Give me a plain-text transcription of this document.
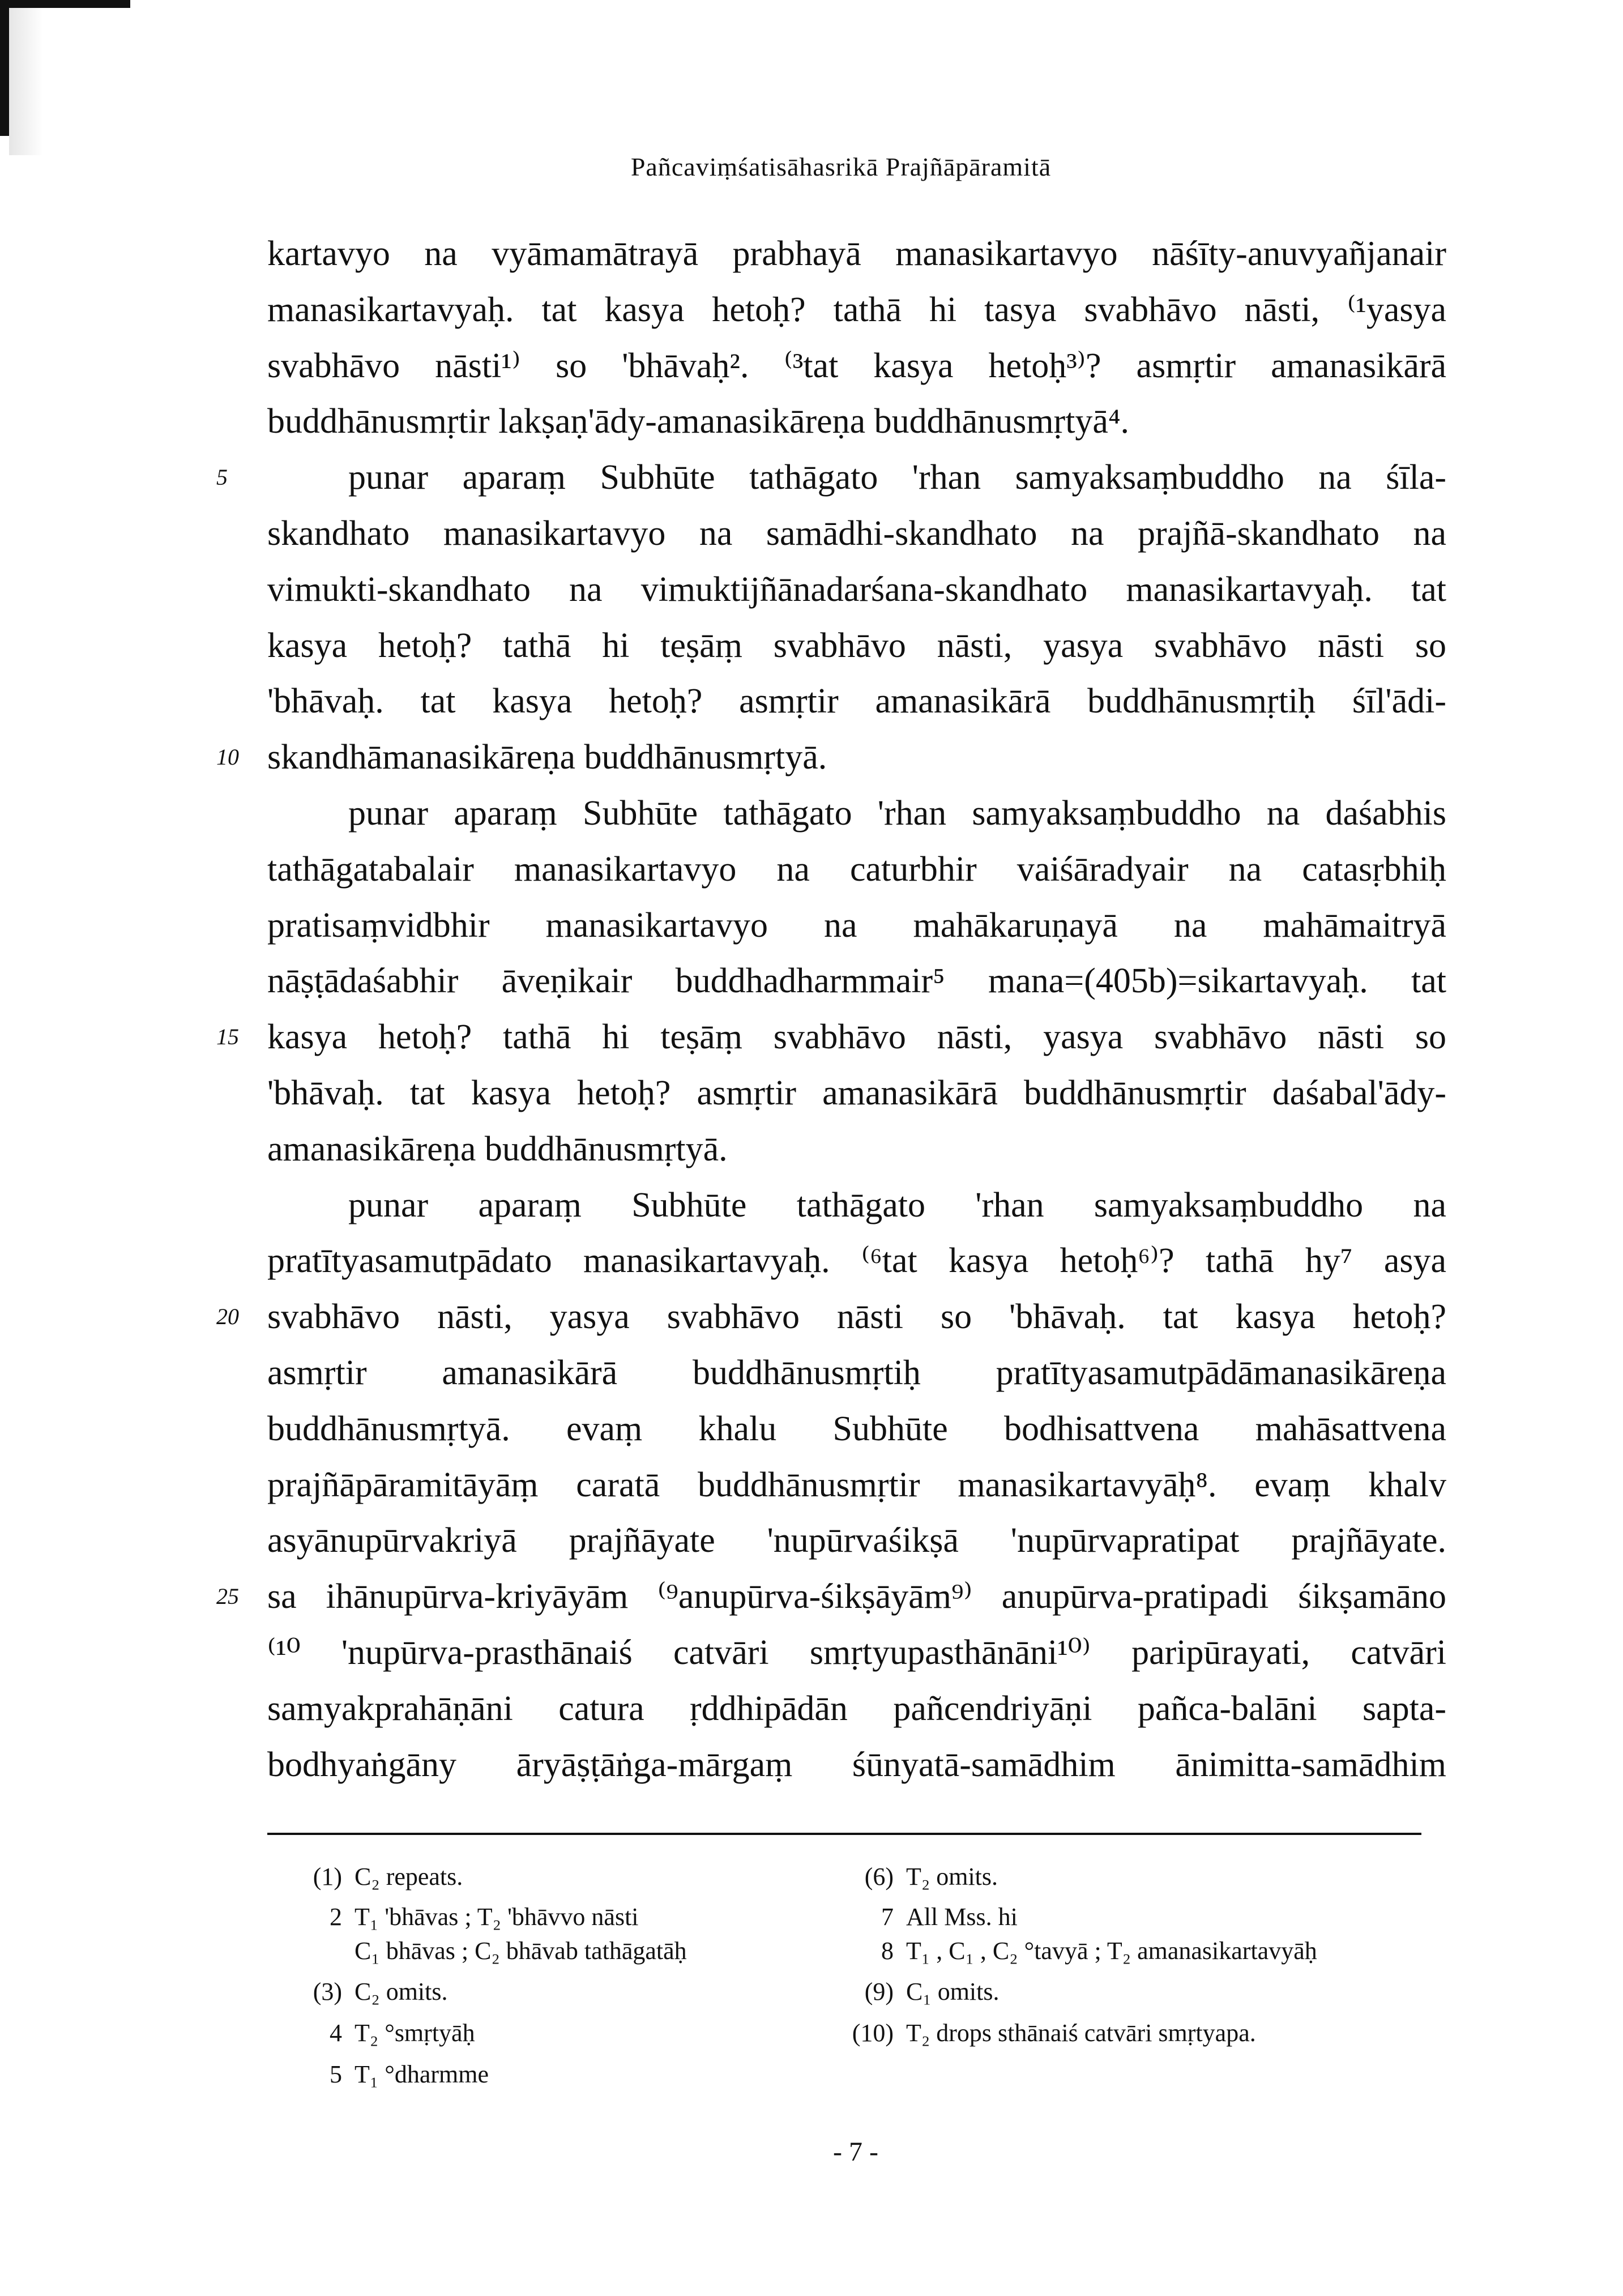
Pañcaviṃśatisāhasrikā Prajñāpāramitā
kartavyo na vyāmamātrayā prabhayā manasikartavyo nāśīty-anuvyañjanair
manasikartavyaḥ. tat kasya hetoḥ? tathā hi tasya svabhāvo nāsti, ⁽¹yasya
svabhāvo nāsti¹⁾ so 'bhāvaḥ². ⁽³tat kasya hetoḥ³⁾? asmṛtir amanasikārā
buddhānusmṛtir lakṣaṇ'ādy-amanasikāreṇa buddhānusmṛtyā⁴.
5	punar aparaṃ Subhūte tathāgato 'rhan samyaksaṃbuddho na śīla-
skandhato manasikartavyo na samādhi-skandhato na prajñā-skandhato na
vimukti-skandhato na vimuktijñānadarśana-skandhato manasikartavyaḥ. tat
kasya hetoḥ? tathā hi teṣāṃ svabhāvo nāsti, yasya svabhāvo nāsti so
'bhāvaḥ. tat kasya hetoḥ? asmṛtir amanasikārā buddhānusmṛtiḥ śīl'ādi-
10 skandhāmanasikāreṇa buddhānusmṛtyā.
punar aparaṃ Subhūte tathāgato 'rhan samyaksaṃbuddho na daśabhis
tathāgatabalair manasikartavyo na caturbhir vaiśāradyair na catasṛbhiḥ
pratisaṃvidbhir manasikartavyo na mahākaruṇayā na mahāmaitryā
nāṣṭādaśabhir āveṇikair buddhadharmmair⁵ mana=(405b)=sikartavyaḥ. tat
15 kasya hetoḥ? tathā hi teṣāṃ svabhāvo nāsti, yasya svabhāvo nāsti so
'bhāvaḥ. tat kasya hetoḥ? asmṛtir amanasikārā buddhānusmṛtir daśabal'ādy-
amanasikāreṇa buddhānusmṛtyā.
punar aparaṃ Subhūte tathāgato 'rhan samyaksaṃbuddho na
pratītyasamutpādato manasikartavyaḥ. ⁽⁶tat kasya hetoḥ⁶⁾? tathā hy⁷ asya
20 svabhāvo nāsti, yasya svabhāvo nāsti so 'bhāvaḥ. tat kasya hetoḥ?
asmṛtir amanasikārā buddhānusmṛtiḥ pratītyasamutpādāmanasikāreṇa
buddhānusmṛtyā. evaṃ khalu Subhūte bodhisattvena mahāsattvena
prajñāpāramitāyāṃ caratā buddhānusmṛtir manasikartavyāḥ⁸. evaṃ khalv
asyānupūrvakriyā prajñāyate 'nupūrvaśikṣā 'nupūrvapratipat prajñāyate.
25 sa ihānupūrva-kriyāyām ⁽⁹anupūrva-śikṣāyām⁹⁾ anupūrva-pratipadi śikṣamāno
⁽¹⁰ 'nupūrva-prasthānaiś catvāri smṛtyupasthānāni¹⁰⁾ paripūrayati, catvāri
samyakprahāṇāni catura ṛddhipādān pañcendriyāṇi pañca-balāni sapta-
bodhyaṅgāny āryāṣṭāṅga-mārgaṃ śūnyatā-samādhim ānimitta-samādhim
(1) C₂ repeats.
2 T₁ 'bhāvas ; T₂ 'bhāvvo nāsti
C₁ bhāvas ; C₂ bhāvab tathāgatāḥ
(3) C₂ omits.
4 T₂ °smṛtyāḥ
5 T₁ °dharmme
(6) T₂ omits.
7 All Mss. hi
8 T₁ , C₁ , C₂ °tavyā ; T₂ amanasikartavyāḥ
(9) C₁ omits.
(10) T₂ drops sthānaiś catvāri smṛtyapa.
- 7 -
